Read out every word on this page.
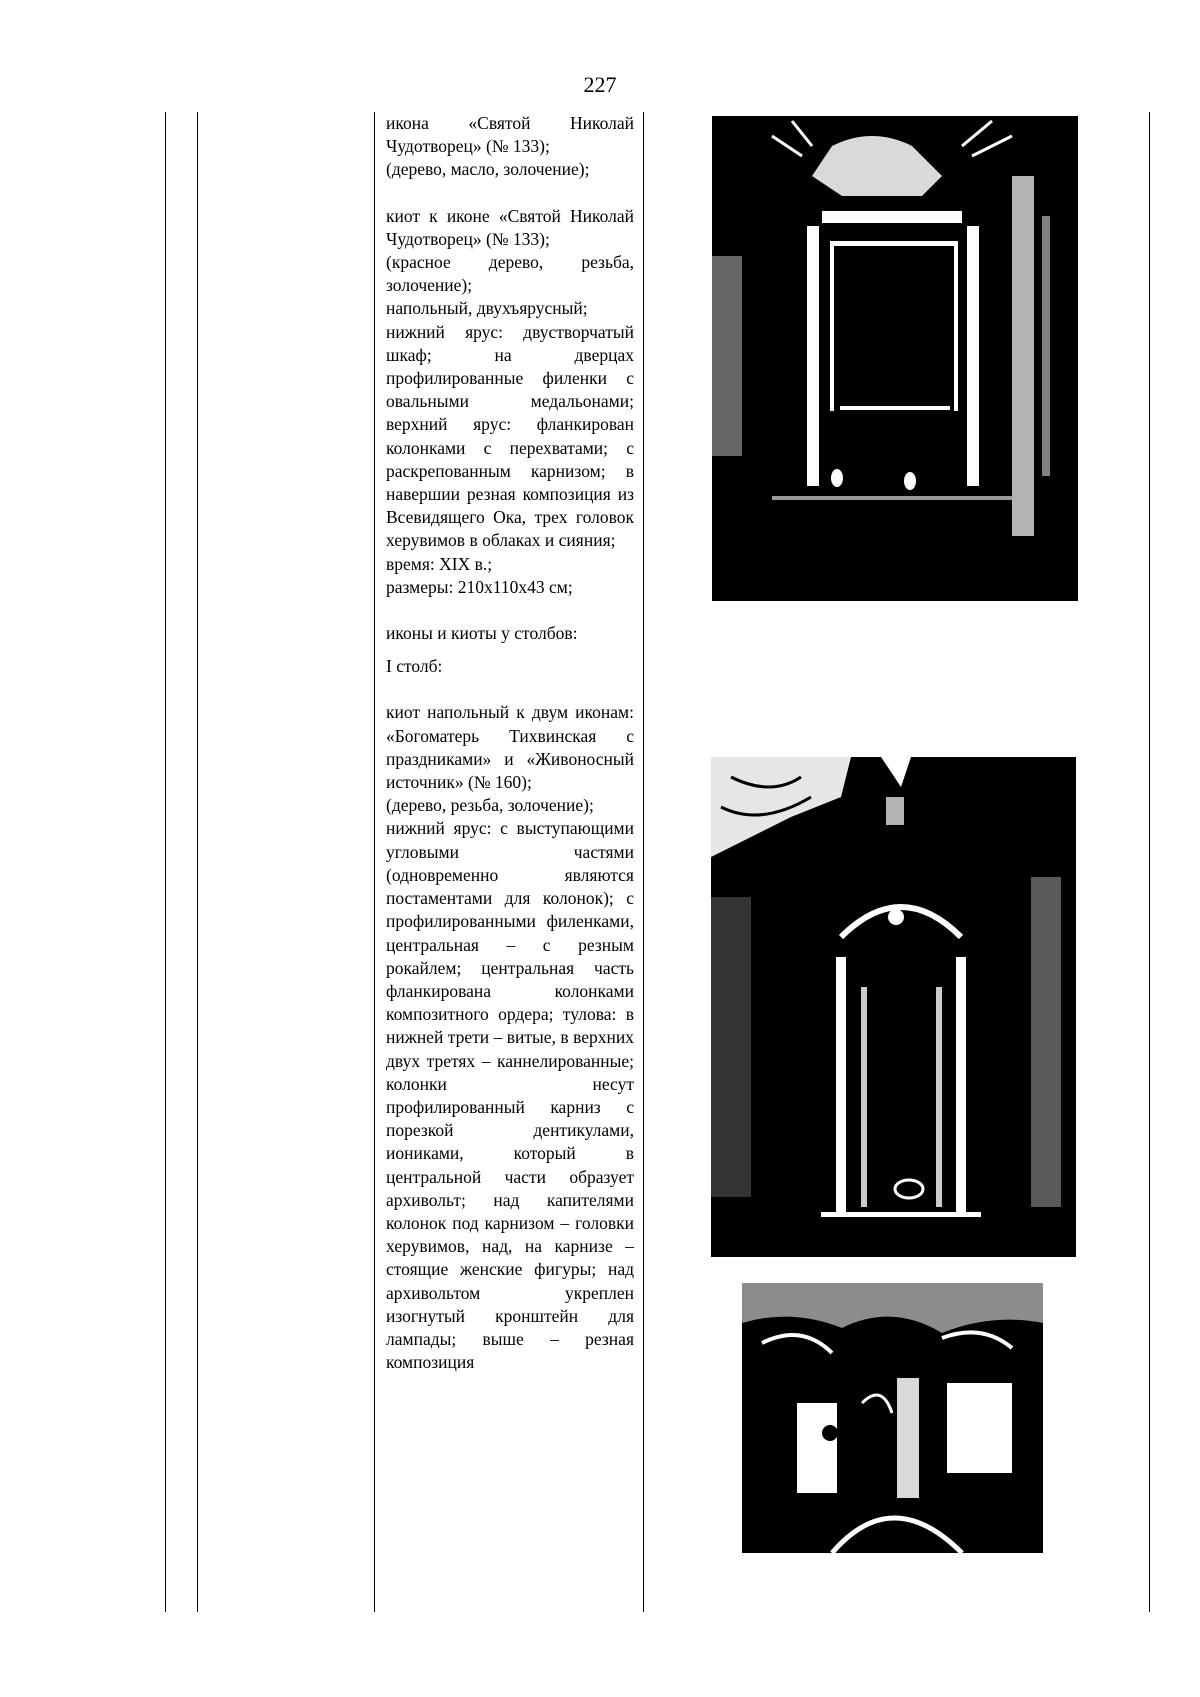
227

икона «Святой Николай Чудотворец» (№ 133);

(дерево, масло, золочение);

киот к иконе «Святой Николай Чудотворец» (№ 133);

(красное дерево, резьба, золочение);

напольный, двухъярусный;

нижний ярус: двустворчатый шкаф; на дверцах профилированные филенки с овальными медальонами; верхний ярус: фланкирован колонками с перехватами; с раскрепованным карнизом; в навершии резная композиция из Всевидящего Ока, трех головок херувимов в облаках и сияния;

время: XIX в.;

размеры: 210х110х43 см;

иконы и киоты у столбов:

I столб:

киот напольный к двум иконам: «Богоматерь Тихвинская с праздниками» и «Живоносный источник» (№ 160);

(дерево, резьба, золочение);

нижний ярус: с выступающими угловыми частями (одновременно являются постаментами для колонок); с профилированными филенками, центральная – с резным рокайлем; центральная часть фланкирована колонками композитного ордера; тулова: в нижней трети – витые, в верхних двух третях – каннелированные; колонки несут профилированный карниз с порезкой дентикулами, иониками, который в центральной части образует архивольт; над капителями колонок под карнизом – головки херувимов, над, на карнизе – стоящие женские фигуры; над архивольтом укреплен изогнутый кронштейн для лампады; выше – резная композиция
